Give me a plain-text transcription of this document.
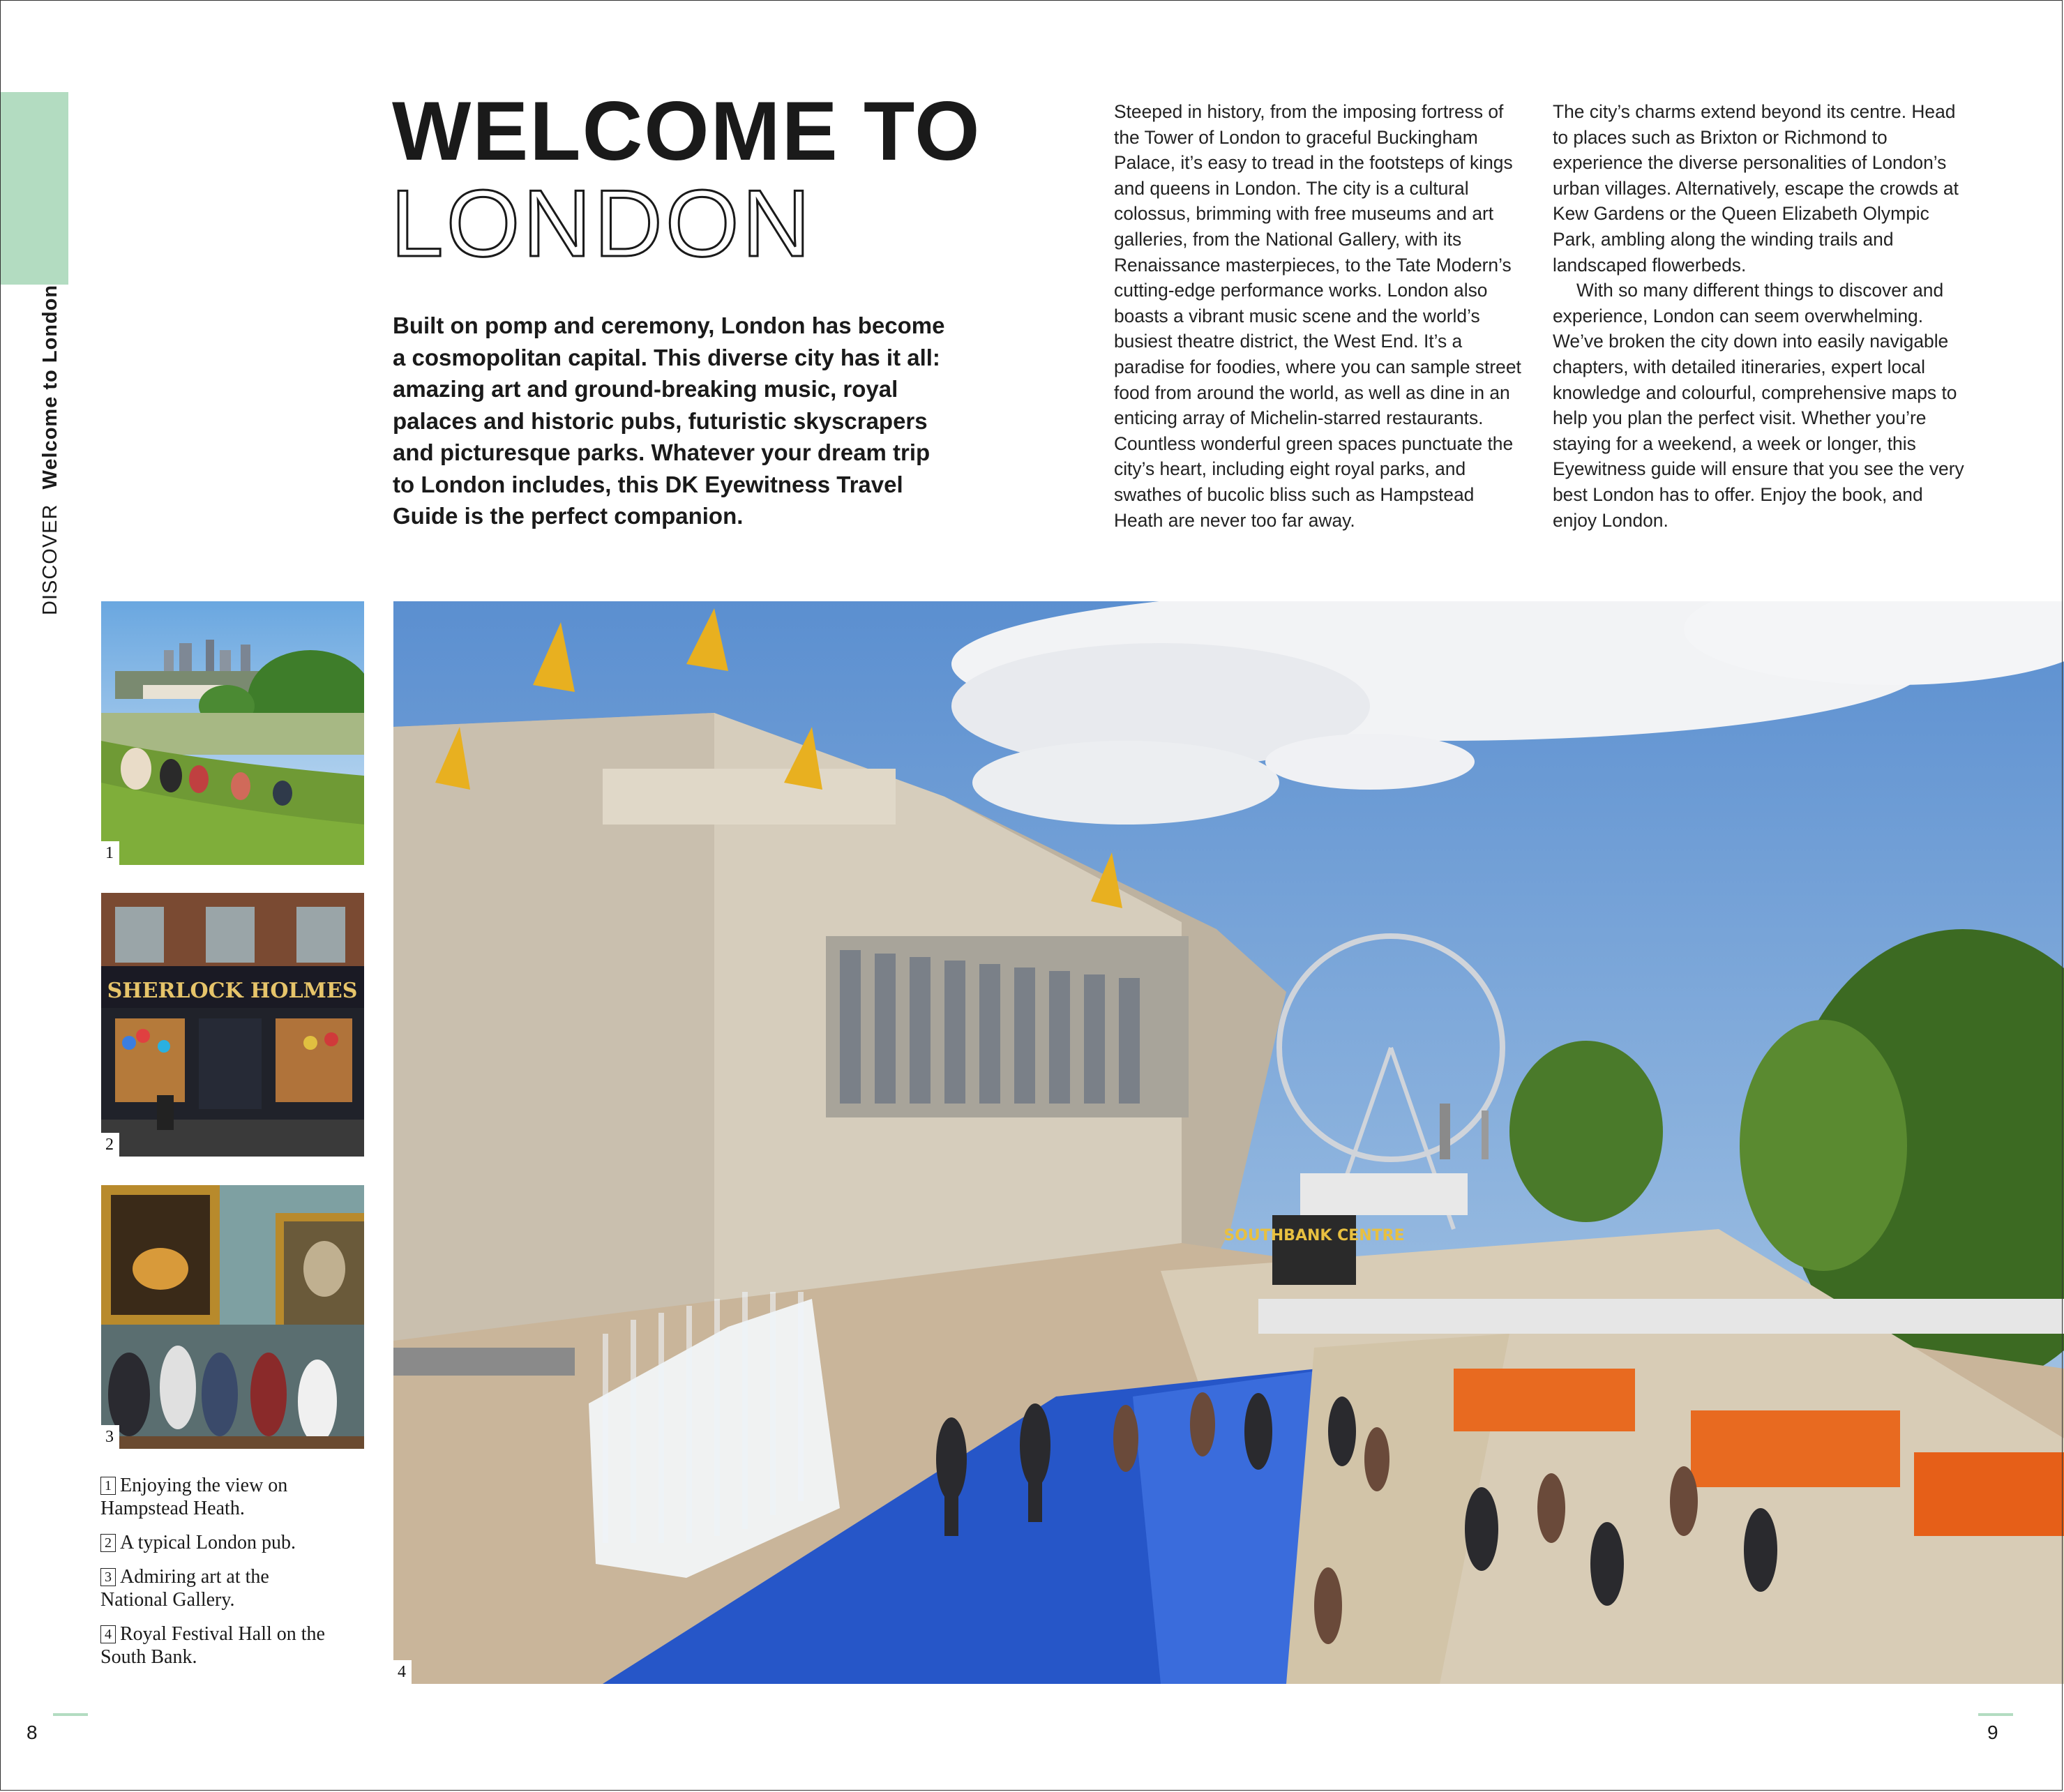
DISCOVER Welcome to London
WELCOME TO
LONDON
Built on pomp and ceremony, London has become a cosmopolitan capital. This diverse city has it all: amazing art and ground-breaking music, royal palaces and historic pubs, futuristic skyscrapers and picturesque parks. Whatever your dream trip to London includes, this DK Eyewitness Travel Guide is the perfect companion.

Steeped in history, from the imposing fortress of the Tower of London to graceful Buckingham Palace, it’s easy to tread in the footsteps of kings and queens in London. The city is a cultural colossus, brimming with free museums and art galleries, from the National Gallery, with its Renaissance masterpieces, to the Tate Modern’s cutting-edge performance works. London also boasts a vibrant music scene and the world’s busiest theatre district, the West End. It’s a paradise for foodies, where you can sample street food from around the world, as well as dine in an enticing array of Michelin-starred restaurants. Countless wonderful green spaces punctuate the city’s heart, including eight royal parks, and swathes of bucolic bliss such as Hampstead Heath are never too far away.

The city’s charms extend beyond its centre. Head to places such as Brixton or Richmond to experience the diverse personalities of London’s urban villages. Alternatively, escape the crowds at Kew Gardens or the Queen Elizabeth Olympic Park, ambling along the winding trails and landscaped flowerbeds.

With so many different things to discover and experience, London can seem overwhelming. We’ve broken the city down into easily navigable chapters, with detailed itineraries, expert local knowledge and colourful, comprehensive maps to help you plan the perfect visit. Whether you’re staying for a weekend, a week or longer, this Eyewitness guide will ensure that you see the very best London has to offer. Enjoy the book, and enjoy London.

1
SHERLOCK HOLMES
2
3
1 Enjoying the view on Hampstead Heath.
2 A typical London pub.
3 Admiring art at the National Gallery.
4 Royal Festival Hall on the South Bank.
SOUTHBANK CENTRE
4
8	9
